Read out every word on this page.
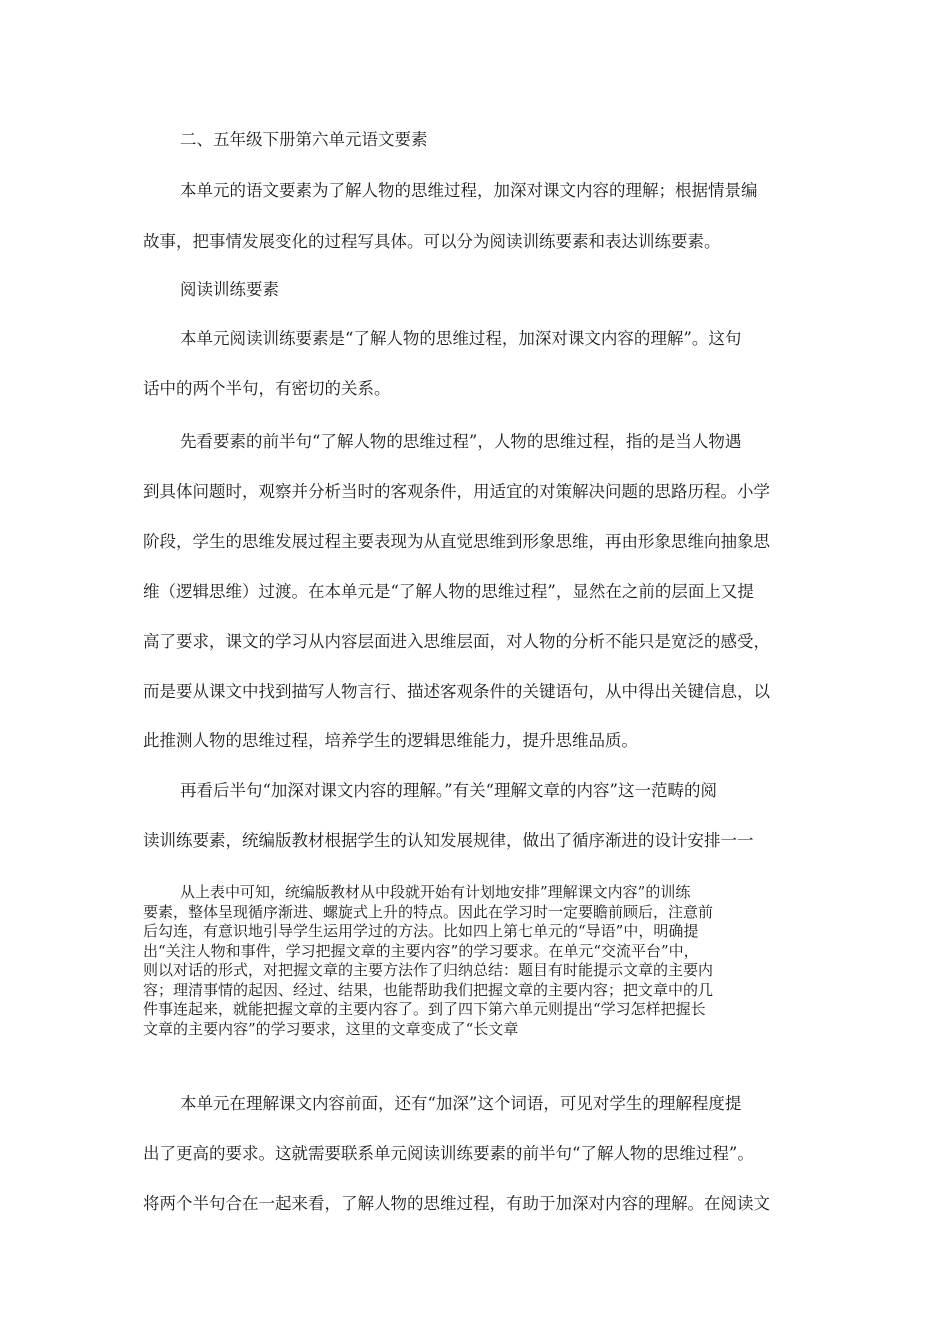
二、五年级下册第六单元语文要素
本单元的语文要素为了解人物的思维过程，加深对课文内容的理解；根据情景编
故事，把事情发展变化的过程写具体。可以分为阅读训练要素和表达训练要素。
阅读训练要素
本单元阅读训练要素是“了解人物的思维过程，加深对课文内容的理解”。这句
话中的两个半句，有密切的关系。
先看要素的前半句“了解人物的思维过程”，人物的思维过程，指的是当人物遇
到具体问题时，观察并分析当时的客观条件，用适宜的对策解决问题的思路历程。小学
阶段，学生的思维发展过程主要表现为从直觉思维到形象思维，再由形象思维向抽象思
维（逻辑思维）过渡。在本单元是“了解人物的思维过程”，显然在之前的层面上又提
高了要求，课文的学习从内容层面进入思维层面，对人物的分析不能只是宽泛的感受，
而是要从课文中找到描写人物言行、描述客观条件的关键语句，从中得出关键信息，以
此推测人物的思维过程，培养学生的逻辑思维能力，提升思维品质。
再看后半句“加深对课文内容的理解。”有关“理解文章的内容”这一范畴的阅
读训练要素，统编版教材根据学生的认知发展规律，做出了循序渐进的设计安排一一
从上表中可知，统编版教材从中段就开始有计划地安排”理解课文内容”的训练
要素，整体呈现循序渐进、螺旋式上升的特点。因此在学习时一定要瞻前顾后，注意前
后勾连，有意识地引导学生运用学过的方法。比如四上第七单元的“导语”中，明确提
出“关注人物和事件，学习把握文章的主要内容”的学习要求。在单元“交流平台”中，
则以对话的形式，对把握文章的主要方法作了归纳总结：题目有时能提示文章的主要内
容；理清事情的起因、经过、结果，也能帮助我们把握文章的主要内容；把文章中的几
件事连起来，就能把握文章的主要内容了。到了四下第六单元则提出“学习怎样把握长
文章的主要内容”的学习要求，这里的文章变成了“长文章
本单元在理解课文内容前面，还有“加深”这个词语，可见对学生的理解程度提
出了更高的要求。这就需要联系单元阅读训练要素的前半句“了解人物的思维过程”。
将两个半句合在一起来看，了解人物的思维过程，有助于加深对内容的理解。在阅读文
